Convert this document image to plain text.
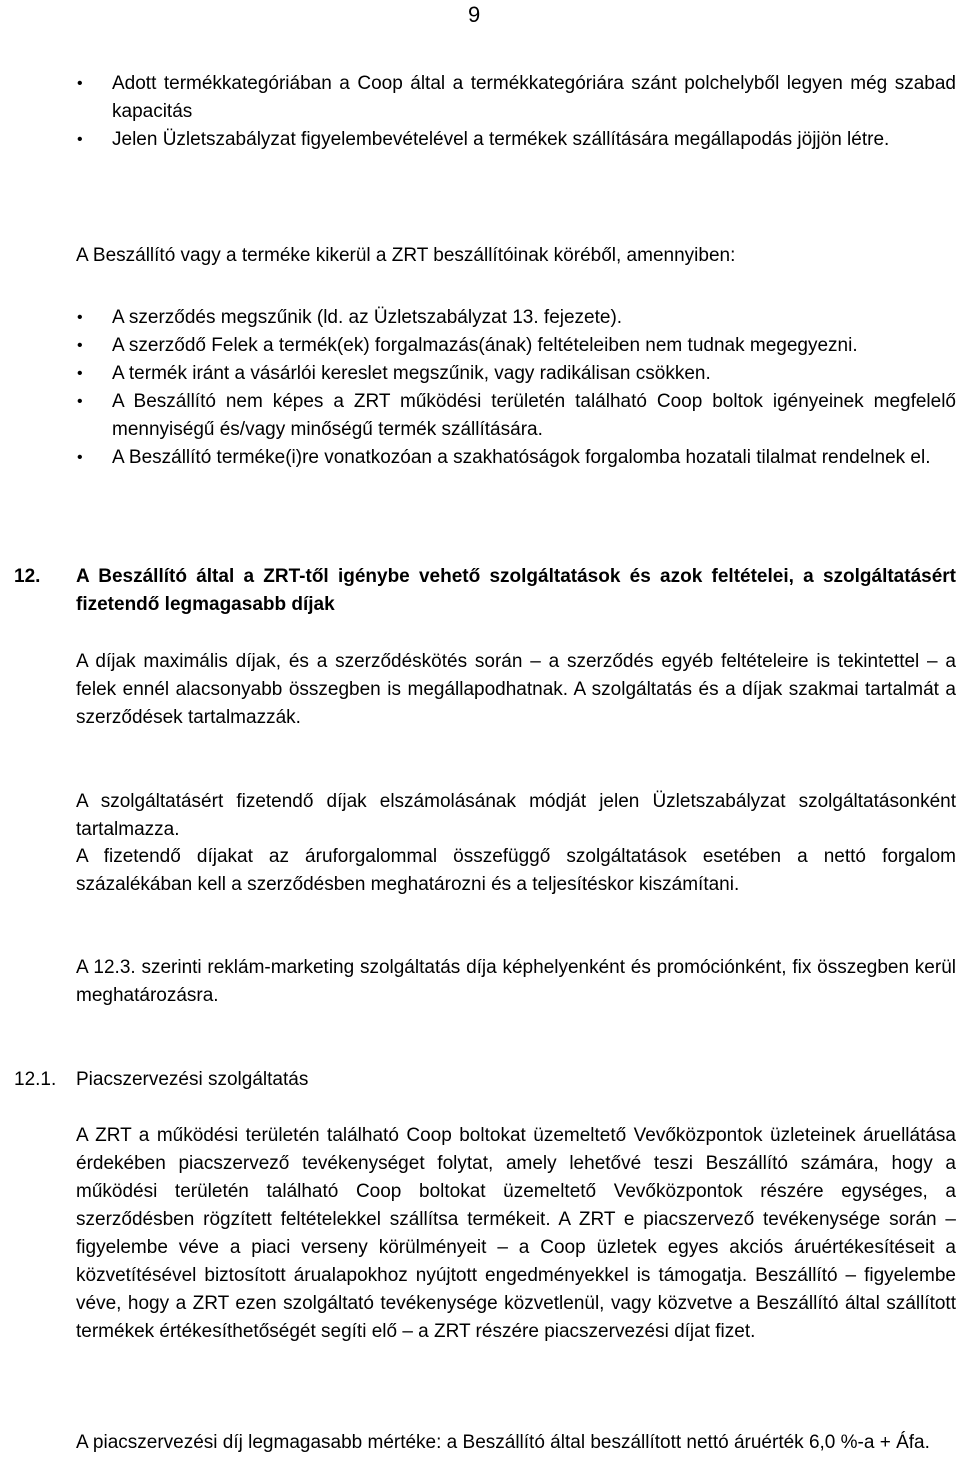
9
• Adott termékkategóriában a Coop által a termékkategóriára szánt polchelyből legyen még szabad kapacitás
• Jelen Üzletszabályzat figyelembevételével a termékek szállítására megállapodás jöjjön létre.

A Beszállító vagy a terméke kikerül a ZRT beszállítóinak köréből, amennyiben:

• A szerződés megszűnik (ld. az Üzletszabályzat 13. fejezete).
• A szerződő Felek a termék(ek) forgalmazás(ának) feltételeiben nem tudnak megegyezni.
• A termék iránt a vásárlói kereslet megszűnik, vagy radikálisan csökken.
• A Beszállító nem képes a ZRT működési területén található Coop boltok igényeinek megfelelő mennyiségű és/vagy minőségű termék szállítására.
• A Beszállító terméke(i)re vonatkozóan a szakhatóságok forgalomba hozatali tilalmat rendelnek el.
12. A Beszállító által a ZRT-től igénybe vehető szolgáltatások és azok feltételei, a szolgáltatásért fizetendő legmagasabb díjak

A díjak maximális díjak, és a szerződéskötés során – a szerződés egyéb feltételeire is tekintettel – a felek ennél alacsonyabb összegben is megállapodhatnak. A szolgáltatás és a díjak szakmai tartalmát a szerződések tartalmazzák.

A szolgáltatásért fizetendő díjak elszámolásának módját jelen Üzletszabályzat szolgáltatásonként tartalmazza.

A fizetendő díjakat az áruforgalommal összefüggő szolgáltatások esetében a nettó forgalom százalékában kell a szerződésben meghatározni és a teljesítéskor kiszámítani.

A 12.3. szerinti reklám-marketing szolgáltatás díja képhelyenként és promóciónként, fix összegben kerül meghatározásra.

12.1. Piacszervezési szolgáltatás

A ZRT a működési területén található Coop boltokat üzemeltető Vevőközpontok üzleteinek áruellátása érdekében piacszervező tevékenységet folytat, amely lehetővé teszi Beszállító számára, hogy a működési területén található Coop boltokat üzemeltető Vevőközpontok részére egységes, a szerződésben rögzített feltételekkel szállítsa termékeit. A ZRT e piacszervező tevékenysége során – figyelembe véve a piaci verseny körülményeit – a Coop üzletek egyes akciós áruértékesítéseit a közvetítésével biztosított árualapokhoz nyújtott engedményekkel is támogatja. Beszállító – figyelembe véve, hogy a ZRT ezen szolgáltató tevékenysége közvetlenül, vagy közvetve a Beszállító által szállított termékek értékesíthetőségét segíti elő – a ZRT részére piacszervezési díjat fizet.

A piacszervezési díj legmagasabb mértéke: a Beszállító által beszállított nettó áruérték 6,0 %-a + Áfa.
